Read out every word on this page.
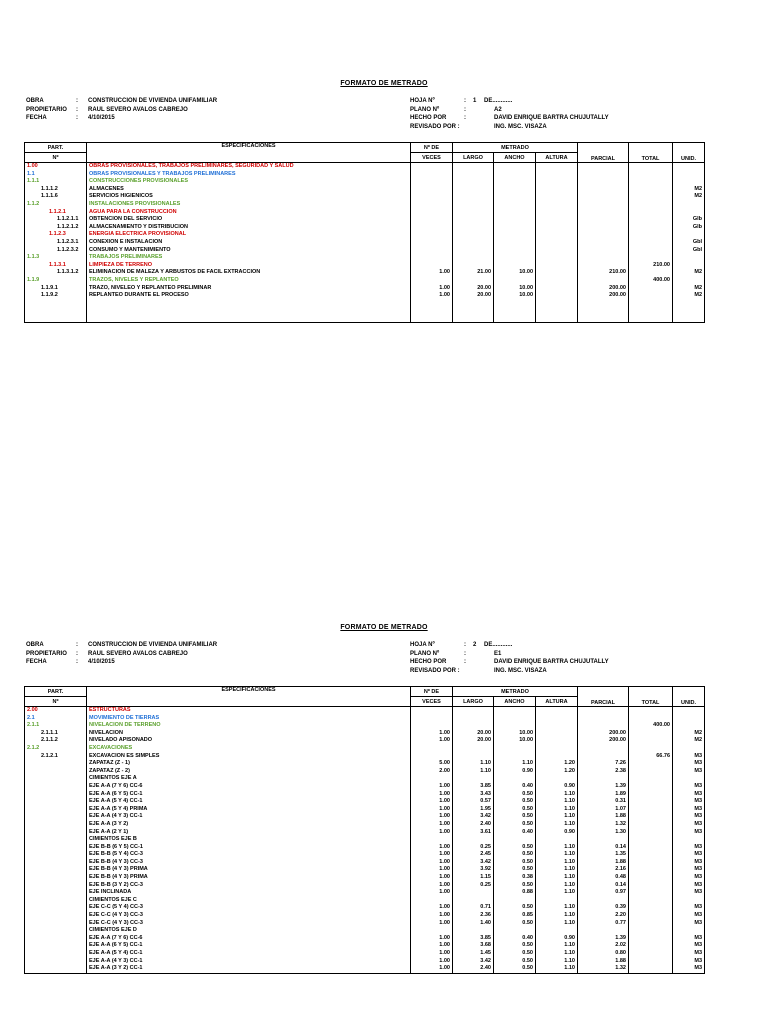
FORMATO DE METRADO
OBRA	: CONSTRUCCION DE VIVIENDA UNIFAMILIAR
PROPIETARIO : RAUL SEVERO AVALOS CABREJO
FECHA	: 4/10/2015
HOJA Nº	: 1 DE............
PLANO Nº	:	A2
HECHO POR	:	DAVID ENRIQUE BARTRA CHUJUTALLY
REVISADO POR :	ING. MSC. VISAZA
PART.	ESPECIFICACIONES	Nº DE	METRADO			PARCIAL	TOTAL	UNID.
Nº		VECES	LARGO	ANCHO	ALTURA			
1.00	OBRAS PROVISIONALES, TRABAJOS PRELIMINARES, SEGURIDAD Y SALUD							
1.1	OBRAS PROVISIONALES Y TRABAJOS PRELIMINARES							
1.1.1	CONSTRUCCIONES PROVISIONALES							
1.1.1.2	ALMACENES							M2
1.1.1.6	SERVICIOS HIGIENICOS							M2
1.1.2	INSTALACIONES PROVISIONALES							
1.1.2.1	AGUA PARA LA CONSTRUCCION							
1.1.2.1.1	OBTENCION DEL SERVICIO							Glb
1.1.2.1.2	ALMACENAMIENTO Y DISTRIBUCION							Glb
1.1.2.3	ENERGIA ELECTRICA PROVISIONAL							
1.1.2.3.1	CONEXION E INSTALACION							Gbl
1.1.2.3.2	CONSUMO Y MANTENIMIENTO							Gbl
1.1.3	TRABAJOS PRELIMINARES							
1.1.3.1	LIMPIEZA DE TERRENO						210.00	
1.1.3.1.2	ELIMINACION DE MALEZA Y ARBUSTOS DE FACIL EXTRACCION	1.00	21.00	10.00		210.00		M2
1.1.9	TRAZOS, NIVELES Y REPLANTEO						400.00	
1.1.9.1	TRAZO, NIVELEO Y REPLANTEO PRELIMINAR	1.00	20.00	10.00		200.00		M2
1.1.9.2	REPLANTEO DURANTE EL PROCESO	1.00	20.00	10.00		200.00		M2

FORMATO DE METRADO
OBRA	: CONSTRUCCION DE VIVIENDA UNIFAMILIAR
PROPIETARIO : RAUL SEVERO AVALOS CABREJO
FECHA	: 4/10/2015
HOJA Nº	: 2 DE............
PLANO Nº	:	E1
HECHO POR	:	DAVID ENRIQUE BARTRA CHUJUTALLY
REVISADO POR :	ING. MSC. VISAZA
PART.	ESPECIFICACIONES	Nº DE	METRADO			PARCIAL	TOTAL	UNID.
Nº		VECES	LARGO	ANCHO	ALTURA			
2.00	ESTRUCTURAS							
2.1	MOVIMIENTO DE TIERRAS							
2.1.1	NIVELACION DE TERRENO						400.00	
2.1.1.1	NIVELACION	1.00	20.00	10.00		200.00		M2
2.1.1.2	NIVELADO APISONADO	1.00	20.00	10.00		200.00		M2
2.1.2	EXCAVACIONES							
2.1.2.1	EXCAVACION ES SIMPLES						66.76	M3
	ZAPATAZ (Z - 1)	5.00	1.10	1.10	1.20	7.26		M3
	ZAPATAZ (Z - 2)	2.00	1.10	0.90	1.20	2.38		M3
	CIMIENTOS EJE A							
	EJE A-A (7 Y 6) CC-6	1.00	3.85	0.40	0.90	1.39		M3
	EJE A-A (6 Y 5) CC-1	1.00	3.43	0.50	1.10	1.89		M3
	EJE A-A (5 Y 4) CC-1	1.00	0.57	0.50	1.10	0.31		M3
	EJE A-A (5 Y 4) PRIMA	1.00	1.95	0.50	1.10	1.07		M3
	EJE A-A (4 Y 3) CC-1	1.00	3.42	0.50	1.10	1.88		M3
	EJE A-A (3 Y 2)	1.00	2.40	0.50	1.10	1.32		M3
	EJE A-A (2 Y 1)	1.00	3.61	0.40	0.90	1.30		M3
	CIMIENTOS EJE B							
	EJE B-B (6 Y 5) CC-1	1.00	0.25	0.50	1.10	0.14		M3
	EJE B-B (5 Y 4) CC-3	1.00	2.45	0.50	1.10	1.35		M3
	EJE B-B (4 Y 3) CC-3	1.00	3.42	0.50	1.10	1.88		M3
	EJE B-B (4 Y 3) PRIMA	1.00	3.92	0.50	1.10	2.16		M3
	EJE B-B (4 Y 3) PRIMA	1.00	1.15	0.38	1.10	0.48		M3
	EJE B-B (3 Y 2) CC-3	1.00	0.25	0.50	1.10	0.14		M3
	EJE INCLINADA	1.00		0.88	1.10	0.97		M3
	CIMIENTOS EJE C							
	EJE C-C (5 Y 4) CC-3	1.00	0.71	0.50	1.10	0.39		M3
	EJE C-C (4 Y 3) CC-3	1.00	2.36	0.85	1.10	2.20		M3
	EJE C-C (4 Y 3) CC-3	1.00	1.40	0.50	1.10	0.77		M3
	CIMIENTOS EJE D							
	EJE A-A (7 Y 6) CC-6	1.00	3.85	0.40	0.90	1.39		M3
	EJE A-A (6 Y 5) CC-1	1.00	3.68	0.50	1.10	2.02		M3
	EJE A-A (5 Y 4) CC-1	1.00	1.45	0.50	1.10	0.80		M3
	EJE A-A (4 Y 3) CC-1	1.00	3.42	0.50	1.10	1.88		M3
	EJE A-A (3 Y 2) CC-1	1.00	2.40	0.50	1.10	1.32		M3
